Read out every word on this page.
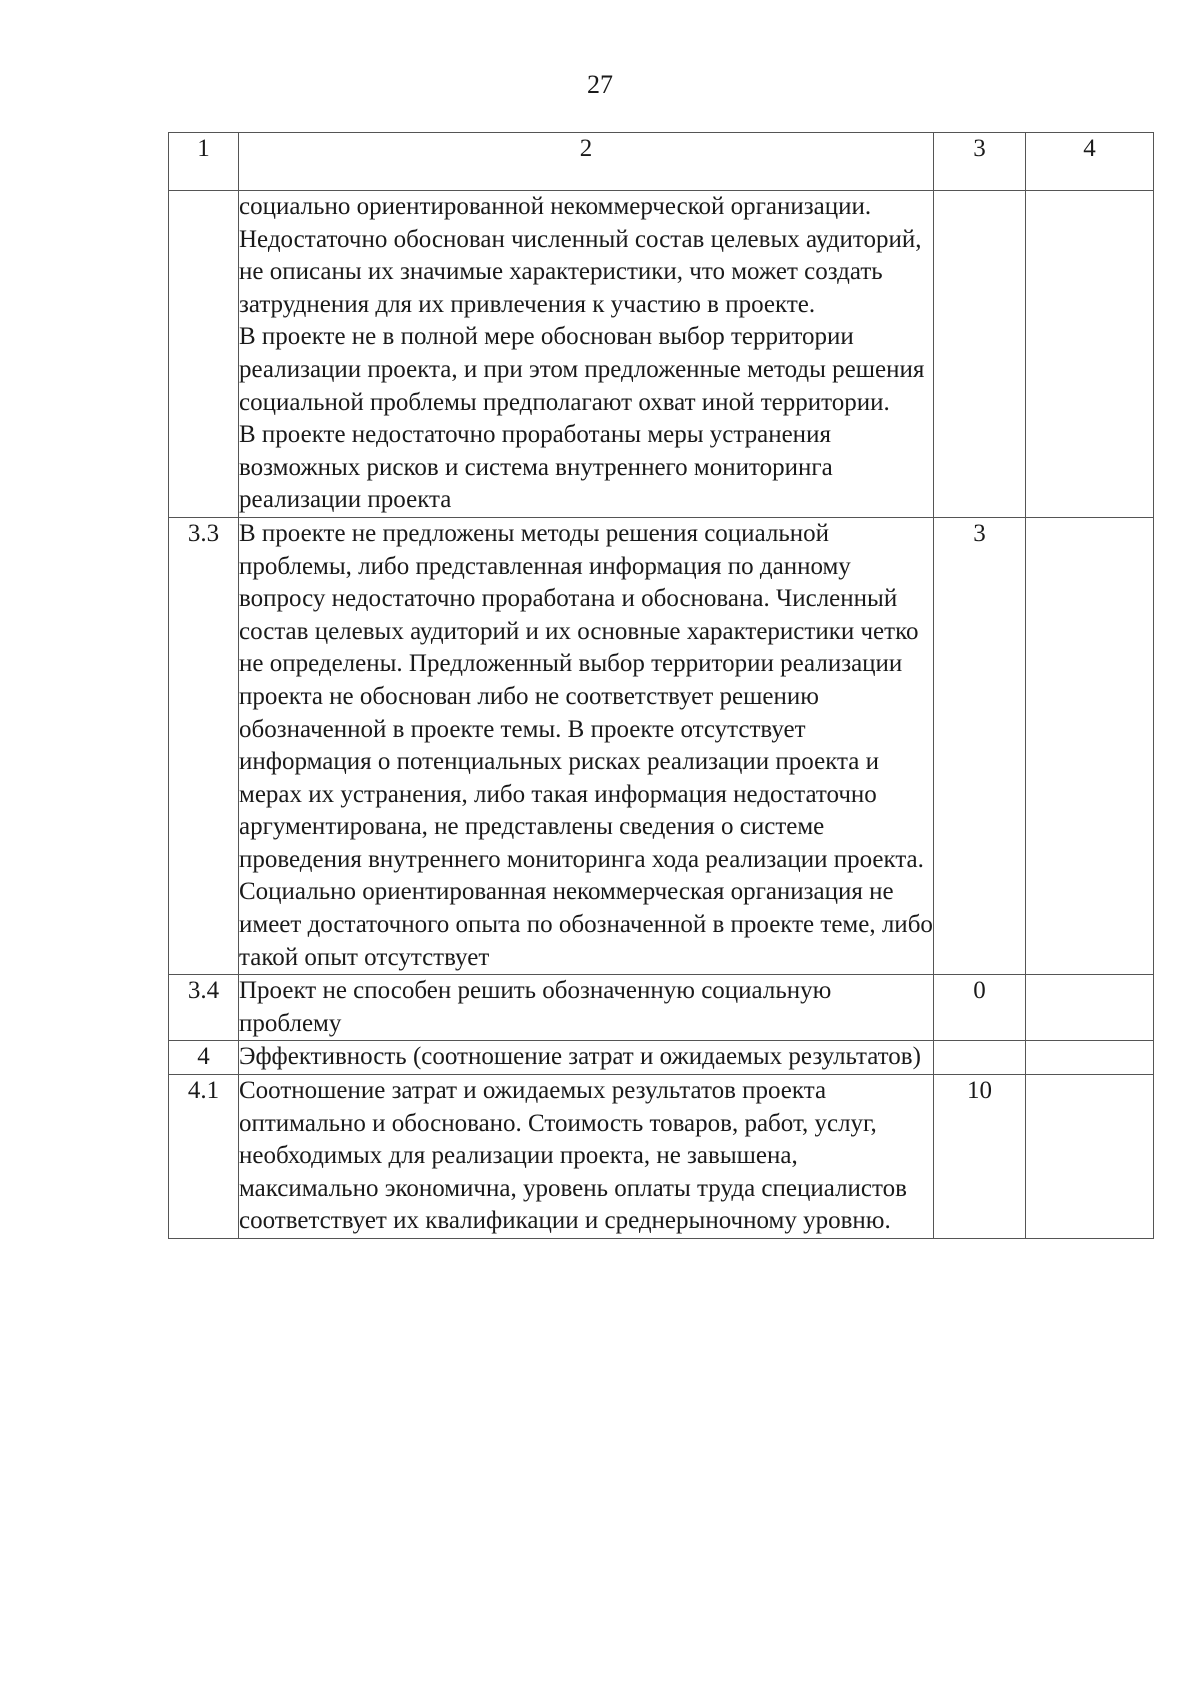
27
1	2	3	4

	социально ориентированной некоммерческой организации. Недостаточно обоснован численный состав целевых аудиторий, не описаны их значимые характеристики, что может создать затруднения для их привлечения к участию в проекте.
В проекте не в полной мере обоснован выбор территории реализации проекта, и при этом предложенные методы решения социальной проблемы предполагают охват иной территории.
В проекте недостаточно проработаны меры устранения возможных рисков и система внутреннего мониторинга реализации проекта		

3.3	В проекте не предложены методы решения социальной проблемы, либо представленная информация по данному вопросу недостаточно проработана и обоснована. Численный состав целевых аудиторий и их основные характеристики четко не определены. Предложенный выбор территории реализации проекта не обоснован либо не соответствует решению обозначенной в проекте темы. В проекте отсутствует информация о потенциальных рисках реализации проекта и мерах их устранения, либо такая информация недостаточно аргументирована, не представлены сведения о системе проведения внутреннего мониторинга хода реализации проекта.
Социально ориентированная некоммерческая организация не имеет достаточного опыта по обозначенной в проекте теме, либо такой опыт отсутствует	3	
3.4	Проект не способен решить обозначенную социальную проблему	0	
4	Эффективность (соотношение затрат и ожидаемых результатов)		

4.1	Соотношение затрат и ожидаемых результатов проекта оптимально и обосновано. Стоимость товаров, работ, услуг, необходимых для реализации проекта, не завышена, максимально экономична, уровень оплаты труда специалистов соответствует их квалификации и среднерыночному уровню.	10	
